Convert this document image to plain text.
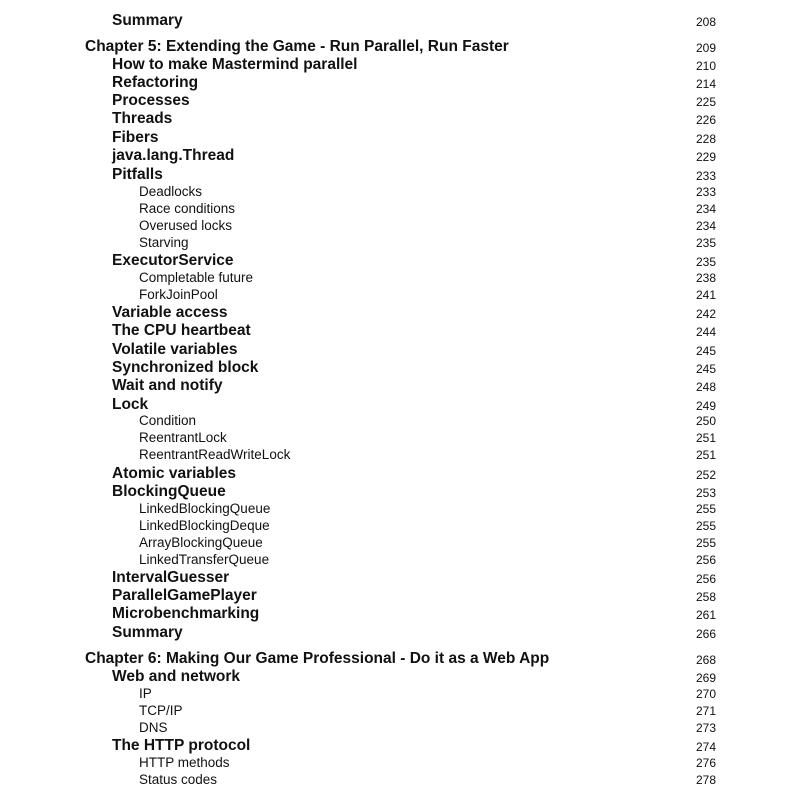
Summary	208
Chapter 5: Extending the Game - Run Parallel, Run Faster	209
How to make Mastermind parallel	210
Refactoring	214
Processes	225
Threads	226
Fibers	228
java.lang.Thread	229
Pitfalls	233
Deadlocks	233
Race conditions	234
Overused locks	234
Starving	235
ExecutorService	235
Completable future	238
ForkJoinPool	241
Variable access	242
The CPU heartbeat	244
Volatile variables	245
Synchronized block	245
Wait and notify	248
Lock	249
Condition	250
ReentrantLock	251
ReentrantReadWriteLock	251
Atomic variables	252
BlockingQueue	253
LinkedBlockingQueue	255
LinkedBlockingDeque	255
ArrayBlockingQueue	255
LinkedTransferQueue	256
IntervalGuesser	256
ParallelGamePlayer	258
Microbenchmarking	261
Summary	266
Chapter 6: Making Our Game Professional - Do it as a Web App	268
Web and network	269
IP	270
TCP/IP	271
DNS	273
The HTTP protocol	274
HTTP methods	276
Status codes	278
